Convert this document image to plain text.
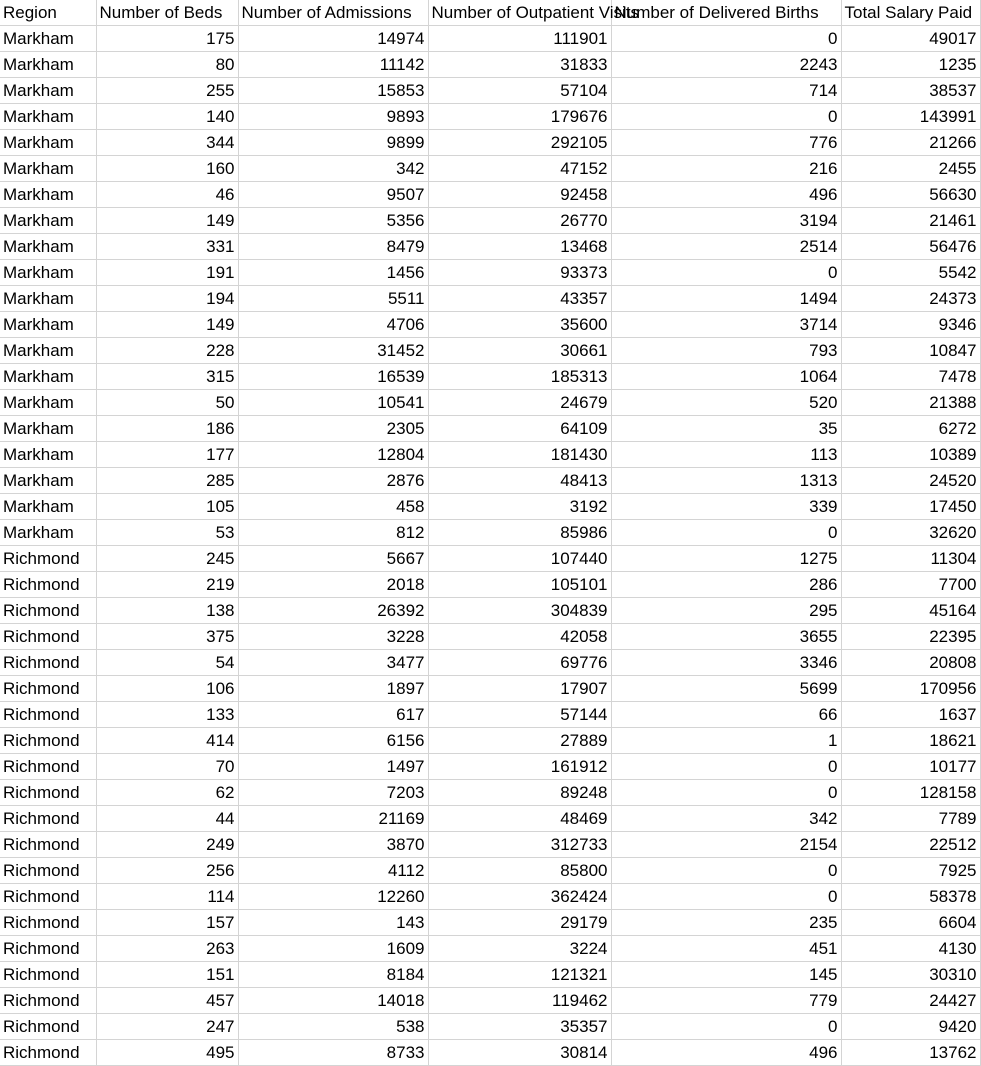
Region	Number of Beds	Number of Admissions	Number of Outpatient Visits	Number of Delivered Births	Total Salary Paid
Markham	175	14974	111901	0	49017
Markham	80	11142	31833	2243	1235
Markham	255	15853	57104	714	38537
Markham	140	9893	179676	0	143991
Markham	344	9899	292105	776	21266
Markham	160	342	47152	216	2455
Markham	46	9507	92458	496	56630
Markham	149	5356	26770	3194	21461
Markham	331	8479	13468	2514	56476
Markham	191	1456	93373	0	5542
Markham	194	5511	43357	1494	24373
Markham	149	4706	35600	3714	9346
Markham	228	31452	30661	793	10847
Markham	315	16539	185313	1064	7478
Markham	50	10541	24679	520	21388
Markham	186	2305	64109	35	6272
Markham	177	12804	181430	113	10389
Markham	285	2876	48413	1313	24520
Markham	105	458	3192	339	17450
Markham	53	812	85986	0	32620
Richmond	245	5667	107440	1275	11304
Richmond	219	2018	105101	286	7700
Richmond	138	26392	304839	295	45164
Richmond	375	3228	42058	3655	22395
Richmond	54	3477	69776	3346	20808
Richmond	106	1897	17907	5699	170956
Richmond	133	617	57144	66	1637
Richmond	414	6156	27889	1	18621
Richmond	70	1497	161912	0	10177
Richmond	62	7203	89248	0	128158
Richmond	44	21169	48469	342	7789
Richmond	249	3870	312733	2154	22512
Richmond	256	4112	85800	0	7925
Richmond	114	12260	362424	0	58378
Richmond	157	143	29179	235	6604
Richmond	263	1609	3224	451	4130
Richmond	151	8184	121321	145	30310
Richmond	457	14018	119462	779	24427
Richmond	247	538	35357	0	9420
Richmond	495	8733	30814	496	13762
